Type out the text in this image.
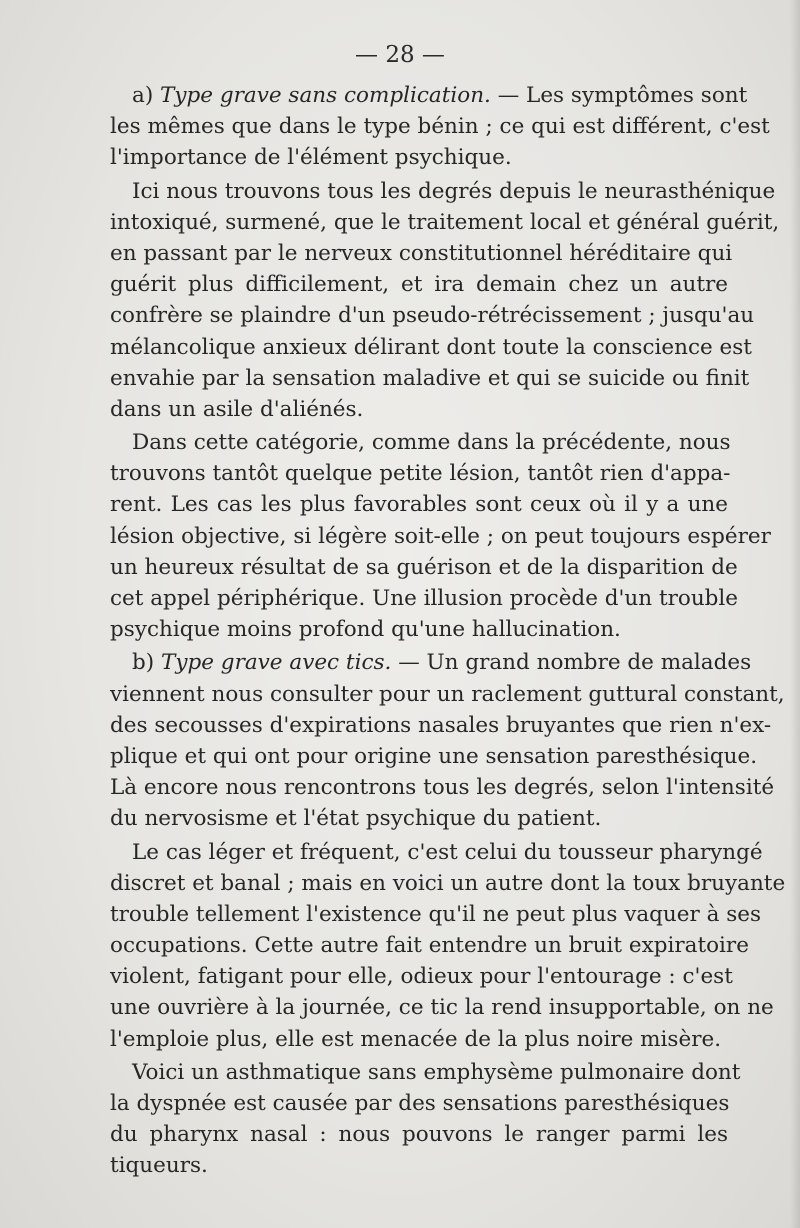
— 28 —

a) Type grave sans complication. — Les symptômes sont
les mêmes que dans le type bénin ; ce qui est différent, c'est
l'importance de l'élément psychique.
Ici nous trouvons tous les degrés depuis le neurasthénique
intoxiqué, surmené, que le traitement local et général guérit,
en passant par le nerveux constitutionnel héréditaire qui
guérit plus difficilement, et ira demain chez un autre
confrère se plaindre d'un pseudo-rétrécissement ; jusqu'au
mélancolique anxieux délirant dont toute la conscience est
envahie par la sensation maladive et qui se suicide ou finit
dans un asile d'aliénés.
Dans cette catégorie, comme dans la précédente, nous
trouvons tantôt quelque petite lésion, tantôt rien d'appa-
rent. Les cas les plus favorables sont ceux où il y a une
lésion objective, si légère soit-elle ; on peut toujours espérer
un heureux résultat de sa guérison et de la disparition de
cet appel périphérique. Une illusion procède d'un trouble
psychique moins profond qu'une hallucination.
b) Type grave avec tics. — Un grand nombre de malades
viennent nous consulter pour un raclement guttural constant,
des secousses d'expirations nasales bruyantes que rien n'ex-
plique et qui ont pour origine une sensation paresthésique.
Là encore nous rencontrons tous les degrés, selon l'intensité
du nervosisme et l'état psychique du patient.
Le cas léger et fréquent, c'est celui du tousseur pharyngé
discret et banal ; mais en voici un autre dont la toux bruyante
trouble tellement l'existence qu'il ne peut plus vaquer à ses
occupations. Cette autre fait entendre un bruit expiratoire
violent, fatigant pour elle, odieux pour l'entourage : c'est
une ouvrière à la journée, ce tic la rend insupportable, on ne
l'emploie plus, elle est menacée de la plus noire misère.
Voici un asthmatique sans emphysème pulmonaire dont
la dyspnée est causée par des sensations paresthésiques
du pharynx nasal : nous pouvons le ranger parmi les
tiqueurs.
